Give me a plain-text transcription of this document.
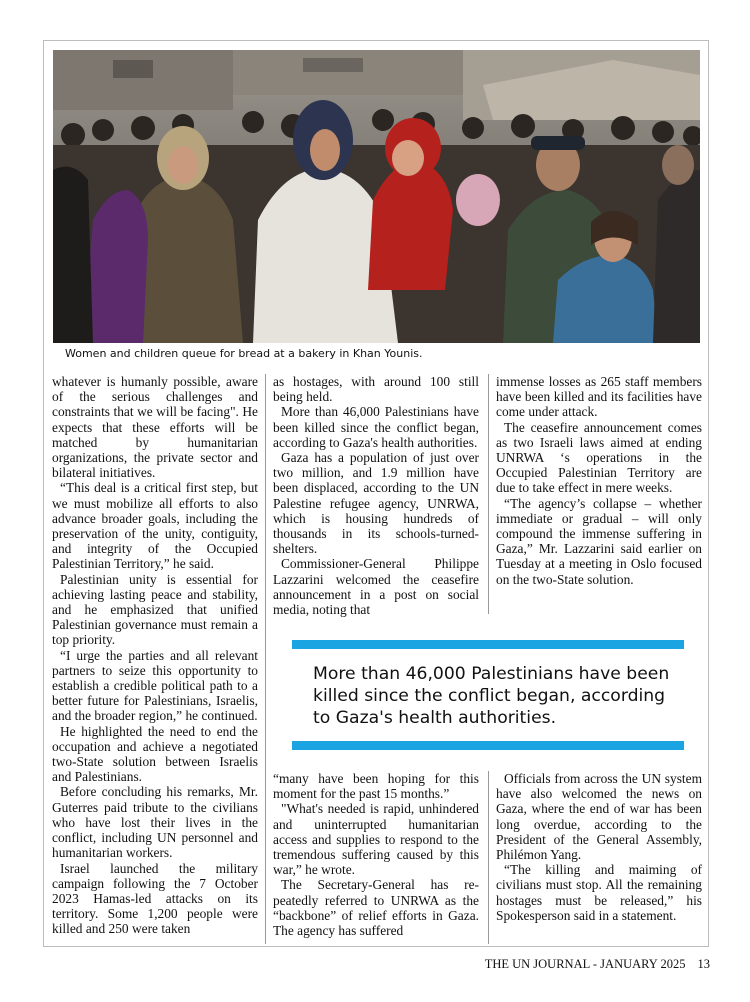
Women and children queue for bread at a bakery in Khan Younis.

whatever is humanly possible, aware of the serious challenges and constraints that we will be facing". He expects that these efforts will be matched by humanitarian organizations, the private sector and bilateral initiatives.

“This deal is a critical first step, but we must mobilize all efforts to also advance broader goals, including the preservation of the unity, contiguity, and integrity of the Occupied Palestinian Territory,” he said.

Palestinian unity is essential for achieving lasting peace and stability, and he emphasized that unified Palestinian governance must remain a top priority.

“I urge the parties and all relevant partners to seize this opportunity to establish a credible political path to a better future for Palestinians, Israelis, and the broader region,” he continued.

He highlighted the need to end the occupation and achieve a negotiated two-State solution between Israelis and Palestinians.

Before concluding his remarks, Mr. Guterres paid tribute to the civilians who have lost their lives in the conflict, including UN personnel and humanitarian workers.

Israel launched the military campaign following the 7 October 2023 Hamas-led attacks on its territory. Some 1,200 people were killed and 250 were taken

as hostages, with around 100 still being held.

More than 46,000 Palestinians have been killed since the conflict began, according to Gaza's health authorities.

Gaza has a population of just over two million, and 1.9 million have been displaced, according to the UN Palestine refugee agency, UNRWA, which is housing hundreds of thousands in its schools-turned-shelters.

Commissioner-General Philippe Lazzarini welcomed the ceasefire announcement in a post on social media, noting that

immense losses as 265 staff members have been killed and its facilities have come under attack.

The ceasefire announcement comes as two Israeli laws aimed at ending UNRWA ‘s operations in the Occupied Palestinian Territory are due to take effect in mere weeks.

“The agency’s collapse – whether immediate or gradual – will only compound the immense suffering in Gaza,” Mr. Lazzarini said earlier on Tuesday at a meeting in Oslo focused on the two-State solution.

More than 46,000 Palestinians have been killed since the conflict began, according to Gaza's health authorities.

“many have been hoping for this moment for the past 15 months.”

"What's needed is rapid, unhindered and uninterrupted humanitarian access and supplies to respond to the tremendous suffering caused by this war,” he wrote.

The Secretary-General has repeatedly referred to UNRWA as the “backbone” of relief efforts in Gaza. The agency has suffered

Officials from across the UN system have also welcomed the news on Gaza, where the end of war has been long overdue, according to the President of the General Assembly, Philémon Yang.

“The killing and maiming of civilians must stop. All the remaining hostages must be released,” his Spokesperson said in a statement.

THE UN JOURNAL - JANUARY 2025 13
